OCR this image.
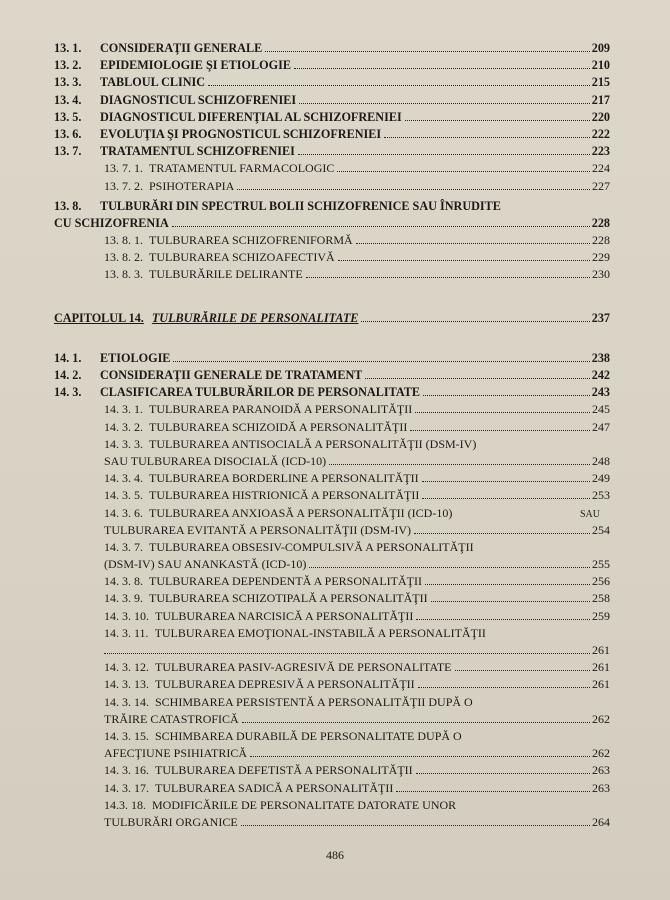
13. 1.	CONSIDERAŢII GENERALE	209
13. 2.	EPIDEMIOLOGIE ŞI ETIOLOGIE	210
13. 3.	TABLOUL CLINIC	215
13. 4.	DIAGNOSTICUL SCHIZOFRENIEI	217
13. 5.	DIAGNOSTICUL DIFERENŢIAL AL SCHIZOFRENIEI	220
13. 6.	EVOLUŢIA ŞI PROGNOSTICUL SCHIZOFRENIEI	222
13. 7.	TRATAMENTUL SCHIZOFRENIEI	223
13. 7. 1. TRATAMENTUL FARMACOLOGIC	224
13. 7. 2. PSIHOTERAPIA	227
13. 8.	TULBURĂRI DIN SPECTRUL BOLII SCHIZOFRENICE SAU ÎNRUDITE
CU SCHIZOFRENIA	228
13. 8. 1. TULBURAREA SCHIZOFRENIFORMĂ	228
13. 8. 2. TULBURAREA SCHIZOAFECTIVĂ	229
13. 8. 3. TULBURĂRILE DELIRANTE	230
CAPITOLUL 14. TULBURĂRILE DE PERSONALITATE	237
14. 1.	ETIOLOGIE	238
14. 2.	CONSIDERAŢII GENERALE DE TRATAMENT	242
14. 3.	CLASIFICAREA TULBURĂRILOR DE PERSONALITATE	243
14. 3. 1. TULBURAREA PARANOIDĂ A PERSONALITĂŢII	245
14. 3. 2. TULBURAREA SCHIZOIDĂ A PERSONALITĂŢII	247
14. 3. 3. TULBURAREA ANTISOCIALĂ A PERSONALITĂŢII (DSM-IV)
SAU TULBURAREA DISOCIALĂ (ICD-10)	248
14. 3. 4. TULBURAREA BORDERLINE A PERSONALITĂŢII	249
14. 3. 5. TULBURAREA HISTRIONICĂ A PERSONALITĂŢII	253
14. 3. 6. TULBURAREA ANXIOASĂ A PERSONALITĂŢII (ICD-10)	SAU
TULBURAREA EVITANTĂ A PERSONALITĂŢII (DSM-IV)	254
14. 3. 7. TULBURAREA OBSESIV-COMPULSIVĂ A PERSONALITĂŢII
(DSM-IV) SAU ANANKASTĂ (ICD-10)	255
14. 3. 8. TULBURAREA DEPENDENTĂ A PERSONALITĂŢII	256
14. 3. 9. TULBURAREA SCHIZOTIPALĂ A PERSONALITĂŢII	258
14. 3. 10. TULBURAREA NARCISICĂ A PERSONALITĂŢII	259
14. 3. 11. TULBURAREA EMOŢIONAL-INSTABILĂ A PERSONALITĂŢII
261
14. 3. 12. TULBURAREA PASIV-AGRESIVĂ DE PERSONALITATE	261
14. 3. 13. TULBURAREA DEPRESIVĂ A PERSONALITĂŢII	261
14. 3. 14. SCHIMBAREA PERSISTENTĂ A PERSONALITĂŢII DUPĂ O
TRĂIRE CATASTROFICĂ	262
14. 3. 15. SCHIMBAREA DURABILĂ DE PERSONALITATE DUPĂ O
AFECŢIUNE PSIHIATRICĂ	262
14. 3. 16. TULBURAREA DEFETISTĂ A PERSONALITĂŢII	263
14. 3. 17. TULBURAREA SADICĂ A PERSONALITĂŢII	263
14.3. 18. MODIFICĂRILE DE PERSONALITATE DATORATE UNOR
TULBURĂRI ORGANICE	264
486
